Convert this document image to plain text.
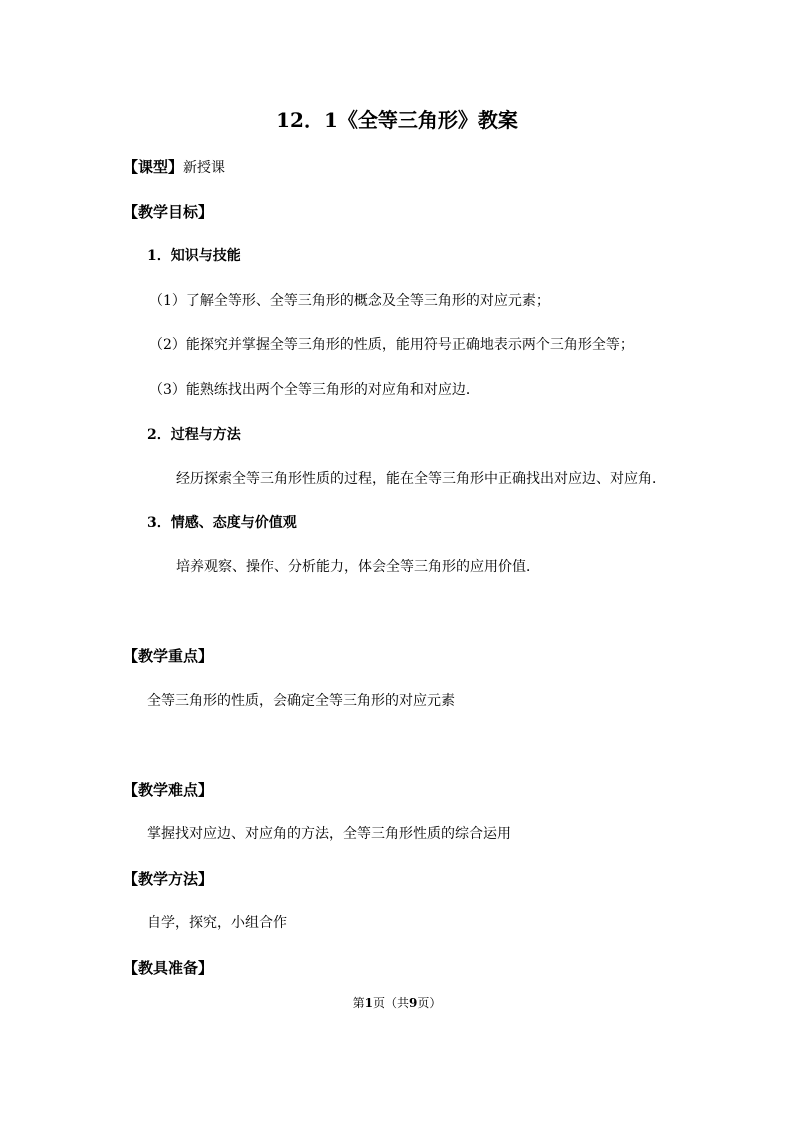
12．1《全等三角形》教案
【课型】新授课
【教学目标】
1．知识与技能
（1）了解全等形、全等三角形的概念及全等三角形的对应元素；
（2）能探究并掌握全等三角形的性质，能用符号正确地表示两个三角形全等；
（3）能熟练找出两个全等三角形的对应角和对应边．
2．过程与方法
经历探索全等三角形性质的过程，能在全等三角形中正确找出对应边、对应角．
3．情感、态度与价值观
培养观察、操作、分析能力，体会全等三角形的应用价值．
【教学重点】
全等三角形的性质，会确定全等三角形的对应元素
【教学难点】
掌握找对应边、对应角的方法，全等三角形性质的综合运用
【教学方法】
自学，探究，小组合作
【教具准备】
第1页（共9页）
